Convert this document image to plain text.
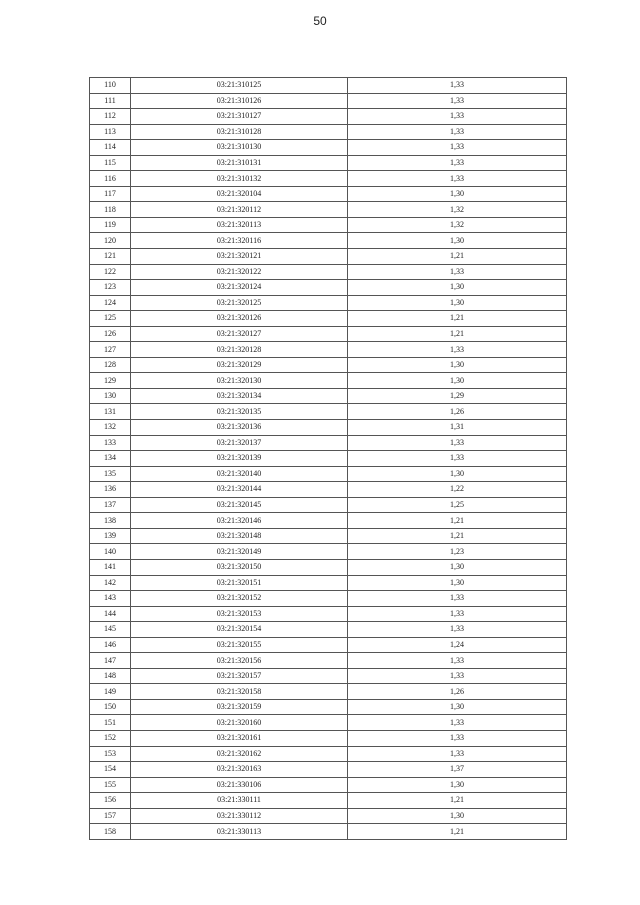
50
110	03:21:310125	1,33
111	03:21:310126	1,33
112	03:21:310127	1,33
113	03:21:310128	1,33
114	03:21:310130	1,33
115	03:21:310131	1,33
116	03:21:310132	1,33
117	03:21:320104	1,30
118	03:21:320112	1,32
119	03:21:320113	1,32
120	03:21:320116	1,30
121	03:21:320121	1,21
122	03:21:320122	1,33
123	03:21:320124	1,30
124	03:21:320125	1,30
125	03:21:320126	1,21
126	03:21:320127	1,21
127	03:21:320128	1,33
128	03:21:320129	1,30
129	03:21:320130	1,30
130	03:21:320134	1,29
131	03:21:320135	1,26
132	03:21:320136	1,31
133	03:21:320137	1,33
134	03:21:320139	1,33
135	03:21:320140	1,30
136	03:21:320144	1,22
137	03:21:320145	1,25
138	03:21:320146	1,21
139	03:21:320148	1,21
140	03:21:320149	1,23
141	03:21:320150	1,30
142	03:21:320151	1,30
143	03:21:320152	1,33
144	03:21:320153	1,33
145	03:21:320154	1,33
146	03:21:320155	1,24
147	03:21:320156	1,33
148	03:21:320157	1,33
149	03:21:320158	1,26
150	03:21:320159	1,30
151	03:21:320160	1,33
152	03:21:320161	1,33
153	03:21:320162	1,33
154	03:21:320163	1,37
155	03:21:330106	1,30
156	03:21:330111	1,21
157	03:21:330112	1,30
158	03:21:330113	1,21
